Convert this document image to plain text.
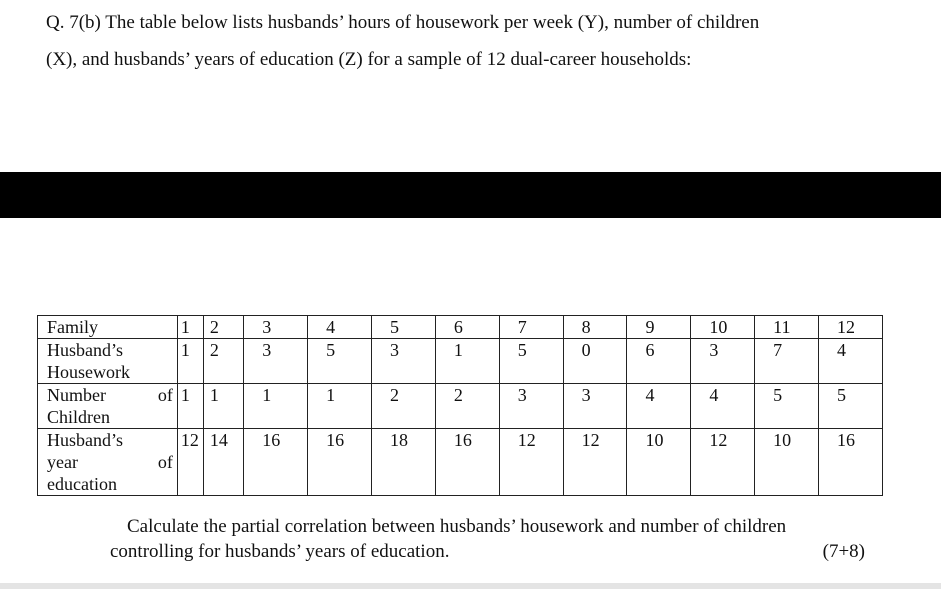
Q. 7(b) The table below lists husbands’ hours of housework per week (Y), number of children

(X), and husbands’ years of education (Z) for a sample of 12 dual-career households:

Family	1	2	3	4	5	6	7	8	9	10	11	12

Husband’s
Housework	1	2	3	5	3	1	5	0	6	3	7	4

Number of
Children	1	1	1	1	2	2	3	3	4	4	5	5

Husband’s
year of
education	12	14	16	16	18	16	12	12	10	12	10	16
Calculate the partial correlation between husbands’ housework and number of children
controlling for husbands’ years of education.	(7+8)
